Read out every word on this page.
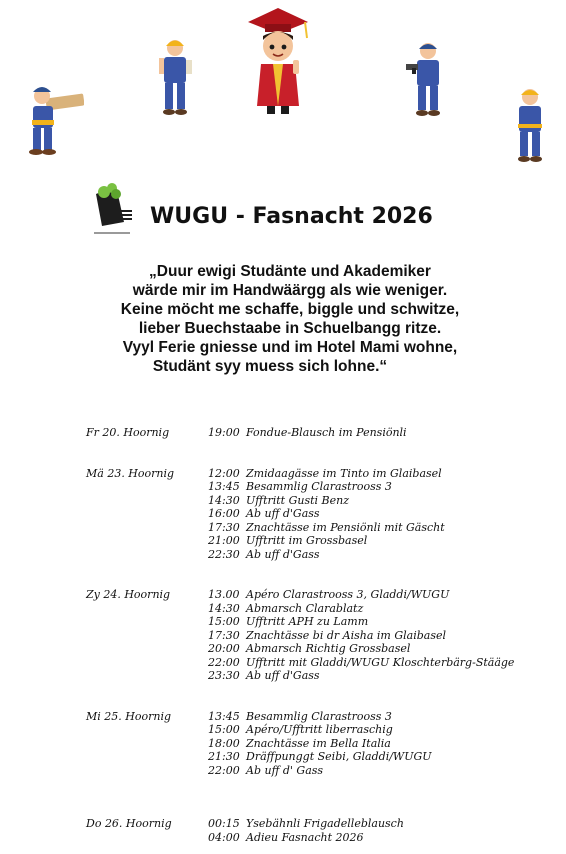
WUGU - Fasnacht 2026
„Duur ewigi Studänte und Akademiker
wärde mir im Handwäärgg als wie weniger.
Keine möcht me schaffe, biggle und schwitze,
lieber Buechstaabe in Schuelbangg ritze.
Vyyl Ferie gniesse und im Hotel Mami wohne,
Studänt syy muess sich lohne.“
Fr 20. Hoornig	19:00 Fondue-Blausch im Pensiönli
Mä 23. Hoornig	12:00 Zmidaagässe im Tinto im Glaibasel
13:45 Besammlig Clarastrooss 3
14:30 Ufftritt Gusti Benz
16:00 Ab uff d'Gass
17:30 Znachtässe im Pensiönli mit Gäscht
21:00 Ufftritt im Grossbasel
22:30 Ab uff d'Gass
Zy 24. Hoornig	13.00 Apéro Clarastrooss 3, Gladdi/WUGU
14:30 Abmarsch Clarablatz
15:00 Ufftritt APH zu Lamm
17:30 Znachtässe bi dr Aisha im Glaibasel
20:00 Abmarsch Richtig Grossbasel
22:00 Ufftritt mit Gladdi/WUGU Kloschterbärg-Stääge
23:30 Ab uff d'Gass
Mi 25. Hoornig	13:45 Besammlig Clarastrooss 3
15:00 Apéro/Ufftritt liberraschig
18:00 Znachtässe im Bella Italia
21:30 Dräffpunggt Seibi, Gladdi/WUGU
22:00 Ab uff d' Gass
Do 26. Hoornig	00:15 Ysebähnli Frigadelleblausch
04:00 Adieu Fasnacht 2026
